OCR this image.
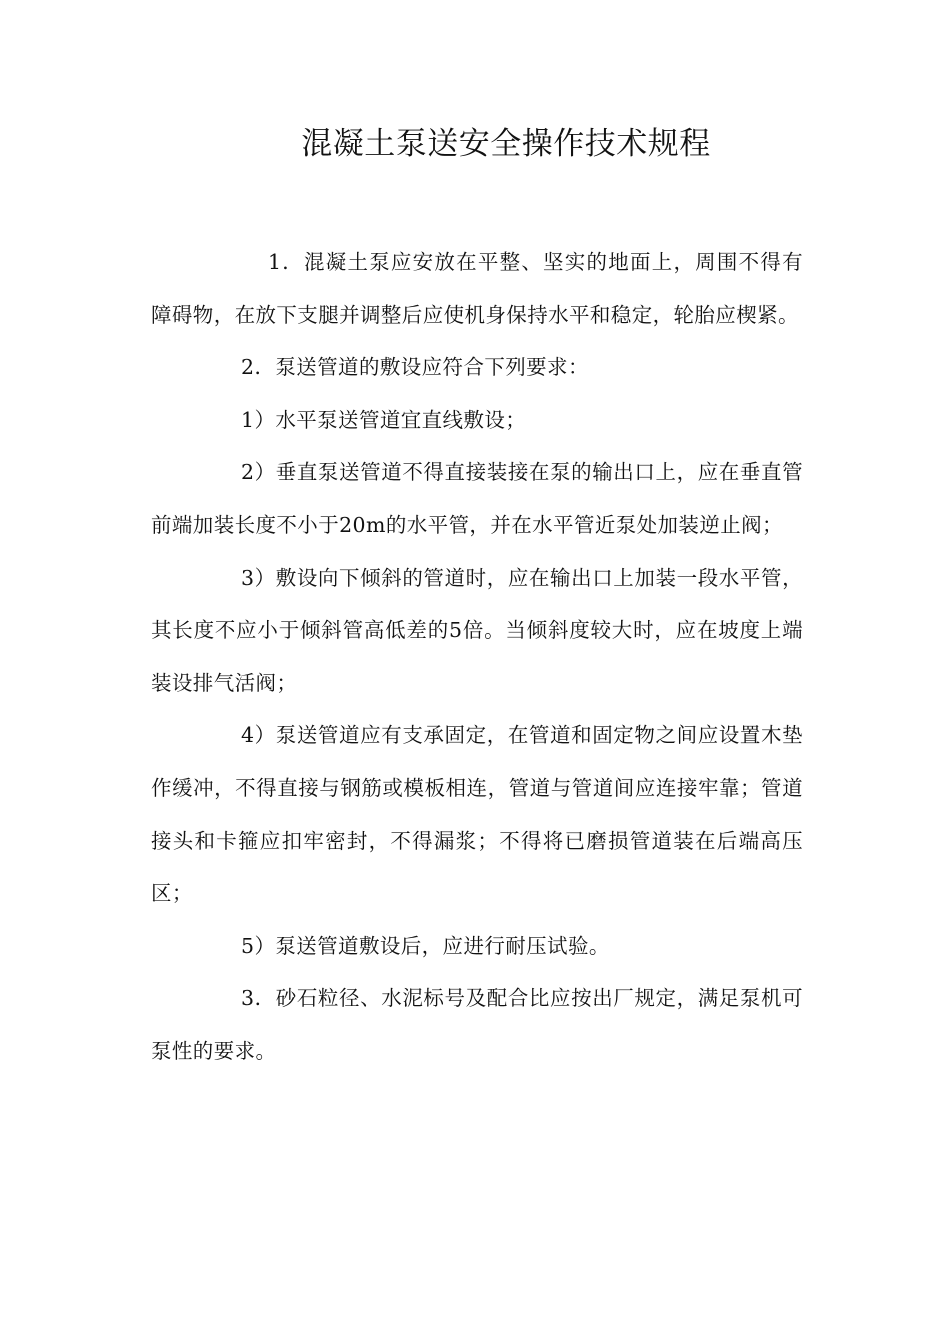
混凝土泵送安全操作技术规程

1．混凝土泵应安放在平整、坚实的地面上，周围不得有障碍物，在放下支腿并调整后应使机身保持水平和稳定，轮胎应楔紧。

2．泵送管道的敷设应符合下列要求：

1）水平泵送管道宜直线敷设；

2）垂直泵送管道不得直接装接在泵的输出口上，应在垂直管前端加装长度不小于20m的水平管，并在水平管近泵处加装逆止阀；

3）敷设向下倾斜的管道时，应在输出口上加装一段水平管，其长度不应小于倾斜管高低差的5倍。当倾斜度较大时，应在坡度上端装设排气活阀；

4）泵送管道应有支承固定，在管道和固定物之间应设置木垫作缓冲，不得直接与钢筋或模板相连，管道与管道间应连接牢靠；管道接头和卡箍应扣牢密封，不得漏浆；不得将已磨损管道装在后端高压区；

5）泵送管道敷设后，应进行耐压试验。

3．砂石粒径、水泥标号及配合比应按出厂规定，满足泵机可泵性的要求。
